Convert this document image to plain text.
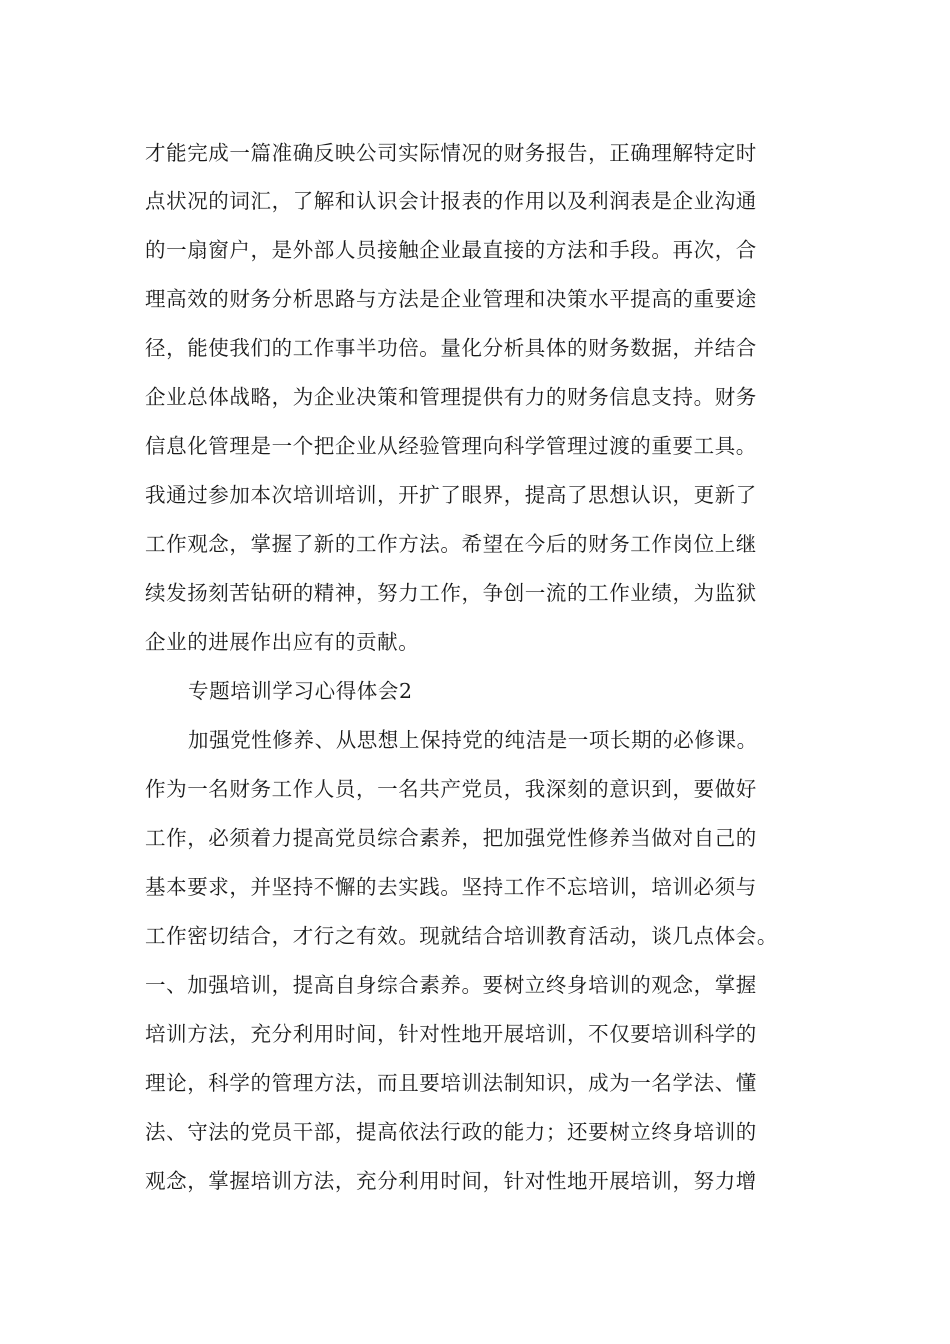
才能完成一篇准确反映公司实际情况的财务报告，正确理解特定时
点状况的词汇，了解和认识会计报表的作用以及利润表是企业沟通
的一扇窗户，是外部人员接触企业最直接的方法和手段。再次，合
理高效的财务分析思路与方法是企业管理和决策水平提高的重要途
径，能使我们的工作事半功倍。量化分析具体的财务数据，并结合
企业总体战略，为企业决策和管理提供有力的财务信息支持。财务
信息化管理是一个把企业从经验管理向科学管理过渡的重要工具。
我通过参加本次培训培训，开扩了眼界，提高了思想认识，更新了
工作观念，掌握了新的工作方法。希望在今后的财务工作岗位上继
续发扬刻苦钻研的精神，努力工作，争创一流的工作业绩，为监狱
企业的进展作出应有的贡献。
专题培训学习心得体会2
加强党性修养、从思想上保持党的纯洁是一项长期的必修课。
作为一名财务工作人员，一名共产党员，我深刻的意识到，要做好
工作，必须着力提高党员综合素养，把加强党性修养当做对自己的
基本要求，并坚持不懈的去实践。坚持工作不忘培训，培训必须与
工作密切结合，才行之有效。现就结合培训教育活动，谈几点体会。
一、加强培训，提高自身综合素养。要树立终身培训的观念，掌握
培训方法，充分利用时间，针对性地开展培训，不仅要培训科学的
理论，科学的管理方法，而且要培训法制知识，成为一名学法、懂
法、守法的党员干部，提高依法行政的能力；还要树立终身培训的
观念，掌握培训方法，充分利用时间，针对性地开展培训，努力增
